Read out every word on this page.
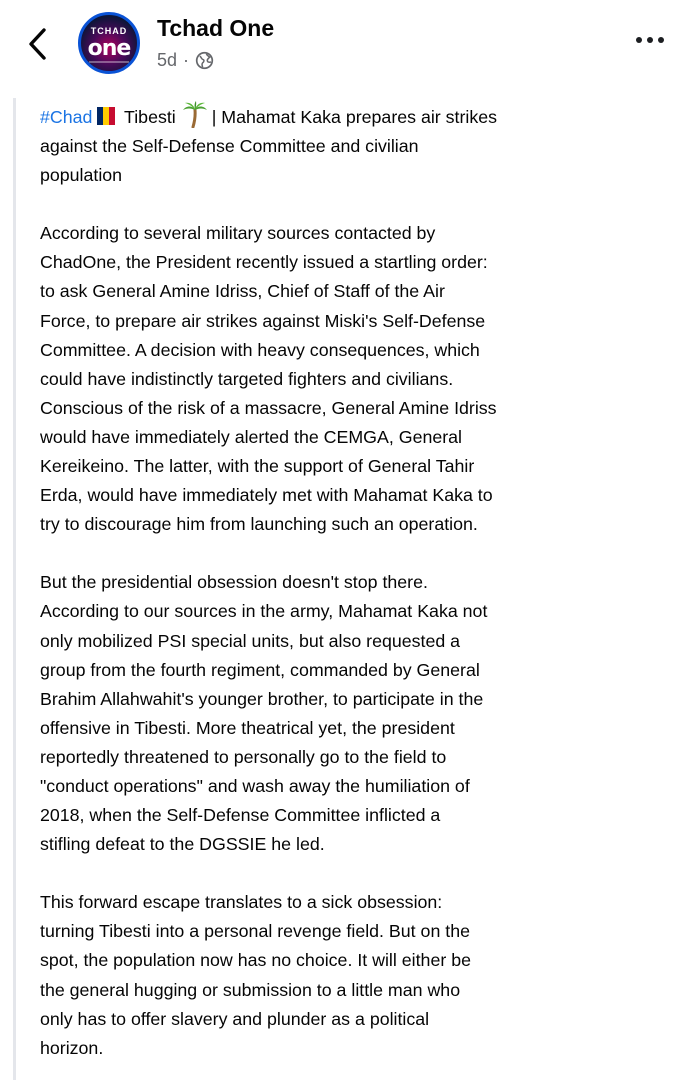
TCHAD
one
Tchad One
5d ·

#Chad Tibesti | Mahamat Kaka prepares air strikes
against the Self-Defense Committee and civilian
population

According to several military sources contacted by
ChadOne, the President recently issued a startling order:
to ask General Amine Idriss, Chief of Staff of the Air
Force, to prepare air strikes against Miski's Self-Defense
Committee. A decision with heavy consequences, which
could have indistinctly targeted fighters and civilians.
Conscious of the risk of a massacre, General Amine Idriss
would have immediately alerted the CEMGA, General
Kereikeino. The latter, with the support of General Tahir
Erda, would have immediately met with Mahamat Kaka to
try to discourage him from launching such an operation.

But the presidential obsession doesn't stop there.
According to our sources in the army, Mahamat Kaka not
only mobilized PSI special units, but also requested a
group from the fourth regiment, commanded by General
Brahim Allahwahit's younger brother, to participate in the
offensive in Tibesti. More theatrical yet, the president
reportedly threatened to personally go to the field to
"conduct operations" and wash away the humiliation of
2018, when the Self-Defense Committee inflicted a
stifling defeat to the DGSSIE he led.

This forward escape translates to a sick obsession:
turning Tibesti into a personal revenge field. But on the
spot, the population now has no choice. It will either be
the general hugging or submission to a little man who
only has to offer slavery and plunder as a political
horizon.
